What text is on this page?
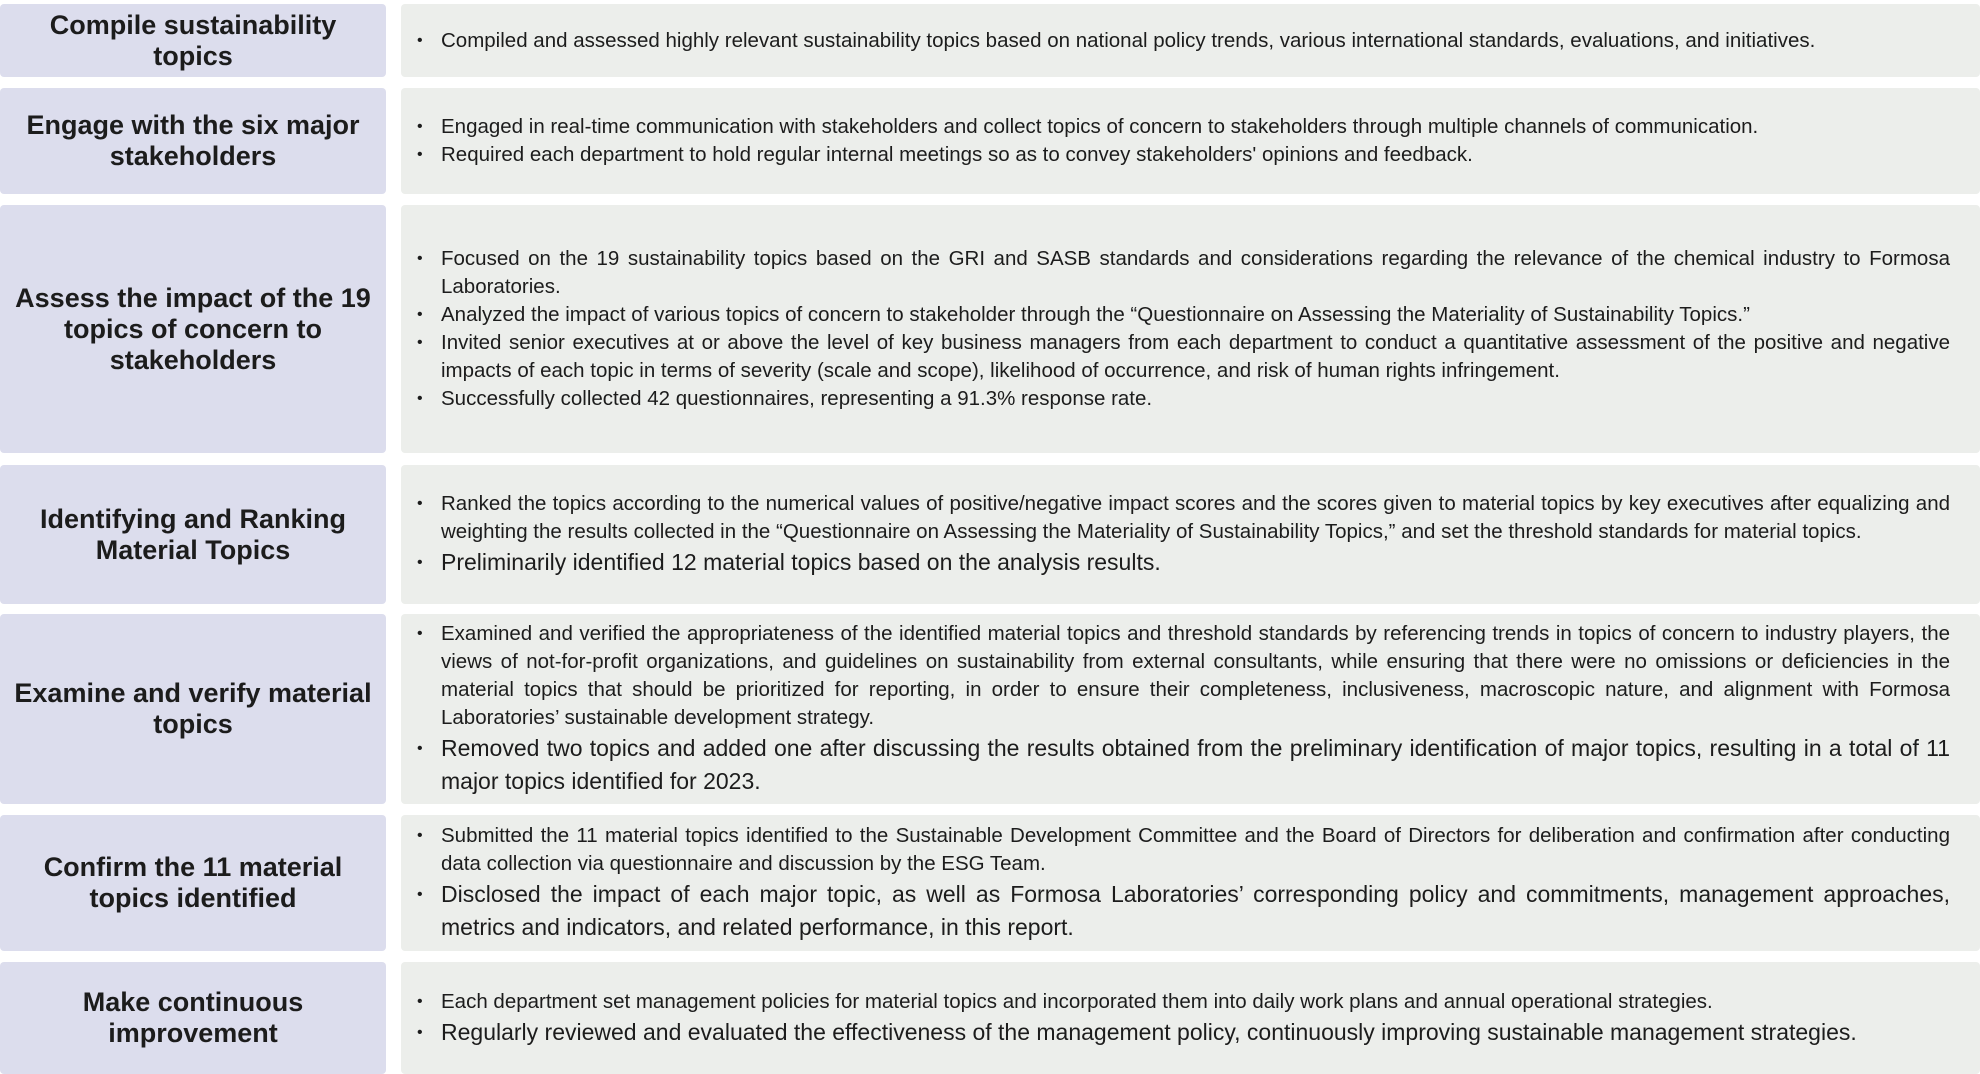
Compile sustainability topics
• Compiled and assessed highly relevant sustainability topics based on national policy trends, various international standards, evaluations, and initiatives.
Engage with the six major stakeholders
• Engaged in real-time communication with stakeholders and collect topics of concern to stakeholders through multiple channels of communication.
• Required each department to hold regular internal meetings so as to convey stakeholders' opinions and feedback.
Assess the impact of the 19 topics of concern to stakeholders
• Focused on the 19 sustainability topics based on the GRI and SASB standards and considerations regarding the relevance of the chemical industry to Formosa Laboratories.
• Analyzed the impact of various topics of concern to stakeholder through the “Questionnaire on Assessing the Materiality of Sustainability Topics.”
• Invited senior executives at or above the level of key business managers from each department to conduct a quantitative assessment of the positive and negative impacts of each topic in terms of severity (scale and scope), likelihood of occurrence, and risk of human rights infringement.
• Successfully collected 42 questionnaires, representing a 91.3% response rate.
Identifying and Ranking Material Topics
• Ranked the topics according to the numerical values of positive/negative impact scores and the scores given to material topics by key executives after equalizing and weighting the results collected in the “Questionnaire on Assessing the Materiality of Sustainability Topics,” and set the threshold standards for material topics.
• Preliminarily identified 12 material topics based on the analysis results.
Examine and verify material topics
• Examined and verified the appropriateness of the identified material topics and threshold standards by referencing trends in topics of concern to industry players, the views of not-for-profit organizations, and guidelines on sustainability from external consultants, while ensuring that there were no omissions or deficiencies in the material topics that should be prioritized for reporting, in order to ensure their completeness, inclusiveness, macroscopic nature, and alignment with Formosa Laboratories’ sustainable development strategy.
• Removed two topics and added one after discussing the results obtained from the preliminary identification of major topics, resulting in a total of 11 major topics identified for 2023.
Confirm the 11 material topics identified
• Submitted the 11 material topics identified to the Sustainable Development Committee and the Board of Directors for deliberation and confirmation after conducting data collection via questionnaire and discussion by the ESG Team.
• Disclosed the impact of each major topic, as well as Formosa Laboratories’ corresponding policy and commitments, management approaches, metrics and indicators, and related performance, in this report.
Make continuous improvement
• Each department set management policies for material topics and incorporated them into daily work plans and annual operational strategies.
• Regularly reviewed and evaluated the effectiveness of the management policy, continuously improving sustainable management strategies.
